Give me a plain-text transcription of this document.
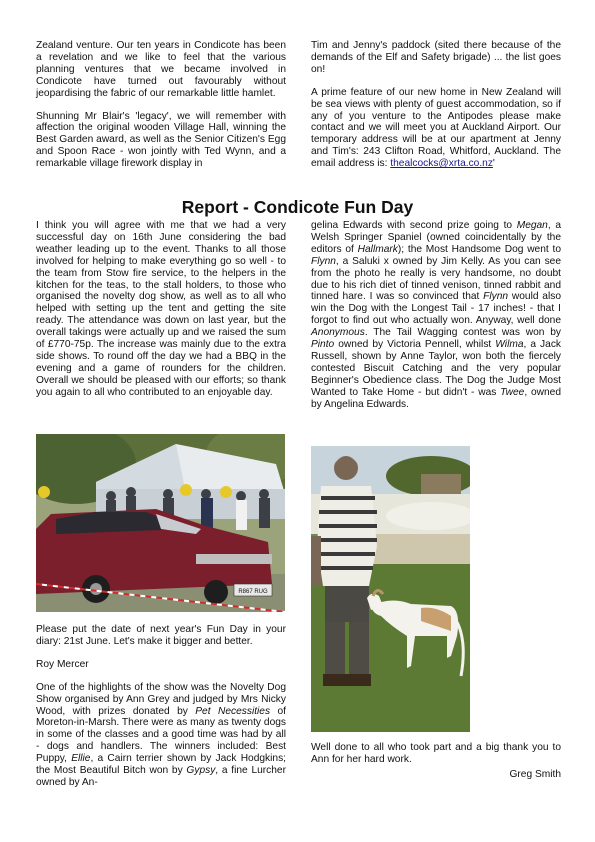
Zealand venture. Our ten years in Condicote has been a revelation and we like to feel that the various planning ventures that we became involved in Condicote have turned out favourably without jeopardising the fabric of our remarkable little hamlet.

Shunning Mr Blair's 'legacy', we will remember with affection the original wooden Village Hall, winning the Best Garden award, as well as the Senior Citizen's Egg and Spoon Race - won jointly with Ted Wynn, and a remarkable village firework display in

Tim and Jenny's paddock (sited there because of the demands of the Elf and Safety brigade) ... the list goes on!

A prime feature of our new home in New Zealand will be sea views with plenty of guest accommodation, so if any of you venture to the Antipodes please make contact and we will meet you at Auckland Airport. Our temporary address will be at our apartment at Jenny and Tim's: 243 Clifton Road, Whitford, Auckland. The email address is: thealcocks@xrta.co.nz'

Report - Condicote Fun Day

I think you will agree with me that we had a very successful day on 16th June considering the bad weather leading up to the event. Thanks to all those involved for helping to make everything go so well - to the team from Stow fire service, to the helpers in the kitchen for the teas, to the stall holders, to those who organised the novelty dog show, as well as to all who helped with setting up the tent and getting the site ready. The attendance was down on last year, but the overall takings were actually up and we raised the sum of £770-75p. The increase was mainly due to the extra side shows. To round off the day we had a BBQ in the evening and a game of rounders for the children. Overall we should be pleased with our efforts; so thank you again to all who contributed to an enjoyable day.

gelina Edwards with second prize going to Megan, a Welsh Springer Spaniel (owned coincidentally by the editors of Hallmark); the Most Handsome Dog went to Flynn, a Saluki x owned by Jim Kelly. As you can see from the photo he really is very handsome, no doubt due to his rich diet of tinned venison, tinned rabbit and tinned hare. I was so convinced that Flynn would also win the Dog with the Longest Tail - 17 inches! - that I forgot to find out who actually won. Anyway, well done Anonymous. The Tail Wagging contest was won by Pinto owned by Victoria Pennell, whilst Wilma, a Jack Russell, shown by Anne Taylor, won both the fiercely contested Biscuit Catching and the very popular Beginner's Obedience class. The Dog the Judge Most Wanted to Take Home - but didn't - was Twee, owned by Angelina Edwards.

R867 RUG

Please put the date of next year's Fun Day in your diary: 21st June. Let's make it bigger and better.

Roy Mercer

One of the highlights of the show was the Novelty Dog Show organised by Ann Grey and judged by Mrs Nicky Wood, with prizes donated by Pet Necessities of Moreton-in-Marsh. There were as many as twenty dogs in some of the classes and a good time was had by all - dogs and handlers. The winners included: Best Puppy, Ellie, a Cairn terrier shown by Jack Hodgkins; the Most Beautiful Bitch won by Gypsy, a fine Lurcher owned by An-

Well done to all who took part and a big thank you to Ann for her hard work.

Greg Smith
